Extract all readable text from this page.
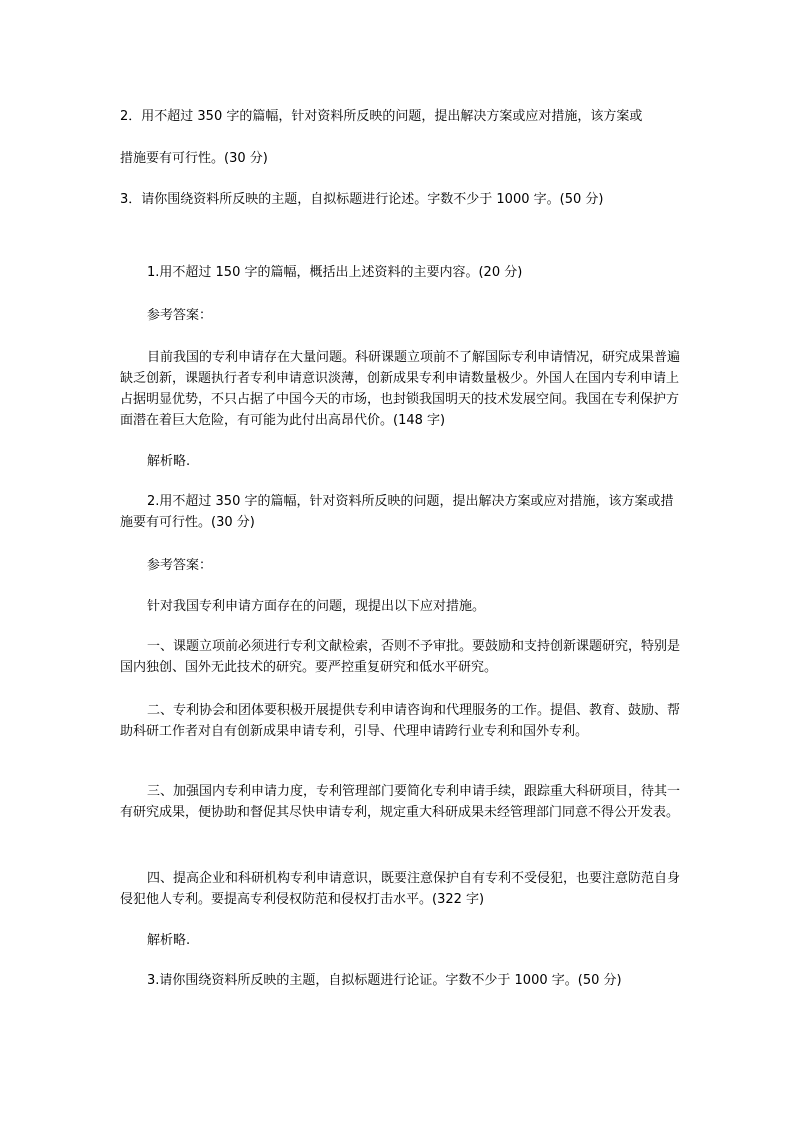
2．用不超过 350 字的篇幅，针对资料所反映的问题，提出解决方案或应对措施，该方案或
措施要有可行性。(30 分)
3．请你围绕资料所反映的主题，自拟标题进行论述。字数不少于 1000 字。(50 分)
1.用不超过 150 字的篇幅，概括出上述资料的主要内容。(20 分)
参考答案：
目前我国的专利申请存在大量问题。科研课题立项前不了解国际专利申请情况，研究成果普遍缺乏创新，课题执行者专利申请意识淡薄，创新成果专利申请数量极少。外国人在国内专利申请上占据明显优势，不只占据了中国今天的市场，也封锁我国明天的技术发展空间。我国在专利保护方面潜在着巨大危险，有可能为此付出高昂代价。(148 字)
解析略.
2.用不超过 350 字的篇幅，针对资料所反映的问题，提出解决方案或应对措施，该方案或措施要有可行性。(30 分)
参考答案：
针对我国专利申请方面存在的问题，现提出以下应对措施。
一、课题立项前必须进行专利文献检索，否则不予审批。要鼓励和支持创新课题研究，特别是国内独创、国外无此技术的研究。要严控重复研究和低水平研究。
二、专利协会和团体要积极开展提供专利申请咨询和代理服务的工作。提倡、教育、鼓励、帮助科研工作者对自有创新成果申请专利，引导、代理申请跨行业专利和国外专利。
三、加强国内专利申请力度，专利管理部门要简化专利申请手续，跟踪重大科研项目，待其一有研究成果，便协助和督促其尽快申请专利，规定重大科研成果未经管理部门同意不得公开发表。
四、提高企业和科研机构专利申请意识，既要注意保护自有专利不受侵犯，也要注意防范自身侵犯他人专利。要提高专利侵权防范和侵权打击水平。(322 字)
解析略.
3.请你围绕资料所反映的主题，自拟标题进行论证。字数不少于 1000 字。(50 分)
